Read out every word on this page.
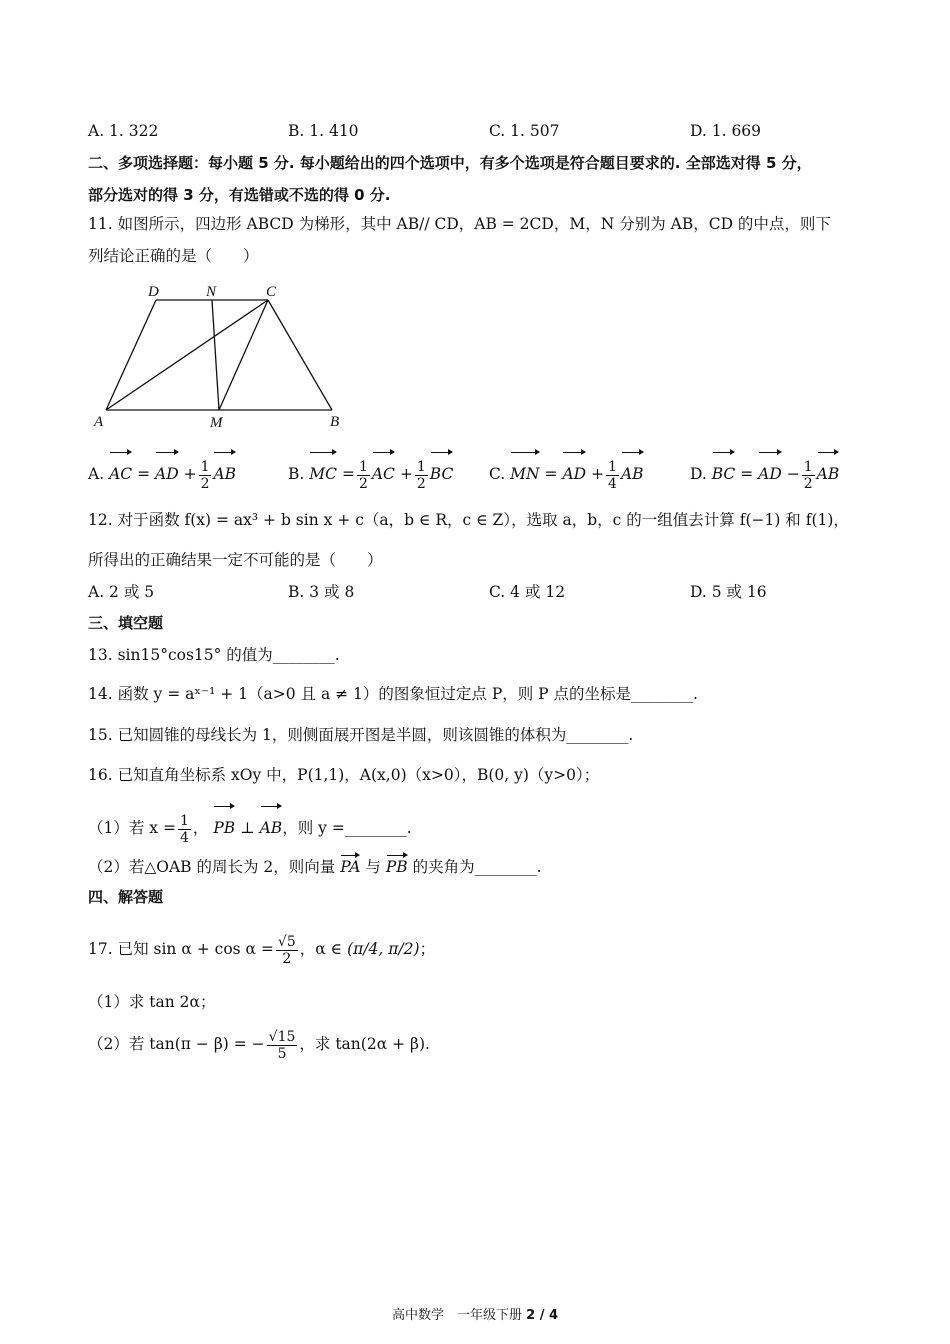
A. 1. 322	B. 1. 410	C. 1. 507	D. 1. 669
二、多项选择题：每小题 5 分. 每小题给出的四个选项中，有多个选项是符合题目要求的. 全部选对得 5 分，
部分选对的得 3 分，有选错或不选的得 0 分.
11. 如图所示，四边形 ABCD 为梯形，其中 AB// CD，AB = 2CD，M，N 分别为 AB，CD 的中点，则下
列结论正确的是（　　）
D	N	C
A	M	B
A. AC = AD + $\frac{1}{2}$ AB	B. MC = $\frac{1}{2}$ AC + $\frac{1}{2}$ BC C. MN = AD + $\frac{1}{4}$ AB	D. BC = AD − $\frac{1}{2}$ AB
12. 对于函数 f(x) = ax³ + b sin x + c（a，b ∈ R，c ∈ Z），选取 a，b，c 的一组值去计算 f(−1) 和 f(1)，
所得出的正确结果一定不可能的是（　　）
A. 2 或 5	B. 3 或 8	C. 4 或 12	D. 5 或 16
三、填空题
13. sin15°cos15° 的值为________.
14. 函数 y = aˣ⁻¹ + 1（a>0 且 a ≠ 1）的图象恒过定点 P，则 P 点的坐标是________.
15. 已知圆锥的母线长为 1，则侧面展开图是半圆，则该圆锥的体积为________.
16. 已知直角坐标系 xOy 中，P(1,1)，A(x,0)（x>0），B(0, y)（y>0）；
（1）若 $x = \frac{1}{4}$ ， PB ⊥ AB，则 y =________.
（2）若△OAB 的周长为 2，则向量 PA 与 PB 的夹角为________.
四、解答题
17. 已知 $\sin \alpha + \cos \alpha = \frac{√5}{2}$ ，α ∈ (π/4, π/2)；
（1）求 tan 2α；
（2）若 tan(π − β) = − $\frac{√15}{5}$ ，求 tan(2α + β).
高中数学　一年级下册 2 / 4
